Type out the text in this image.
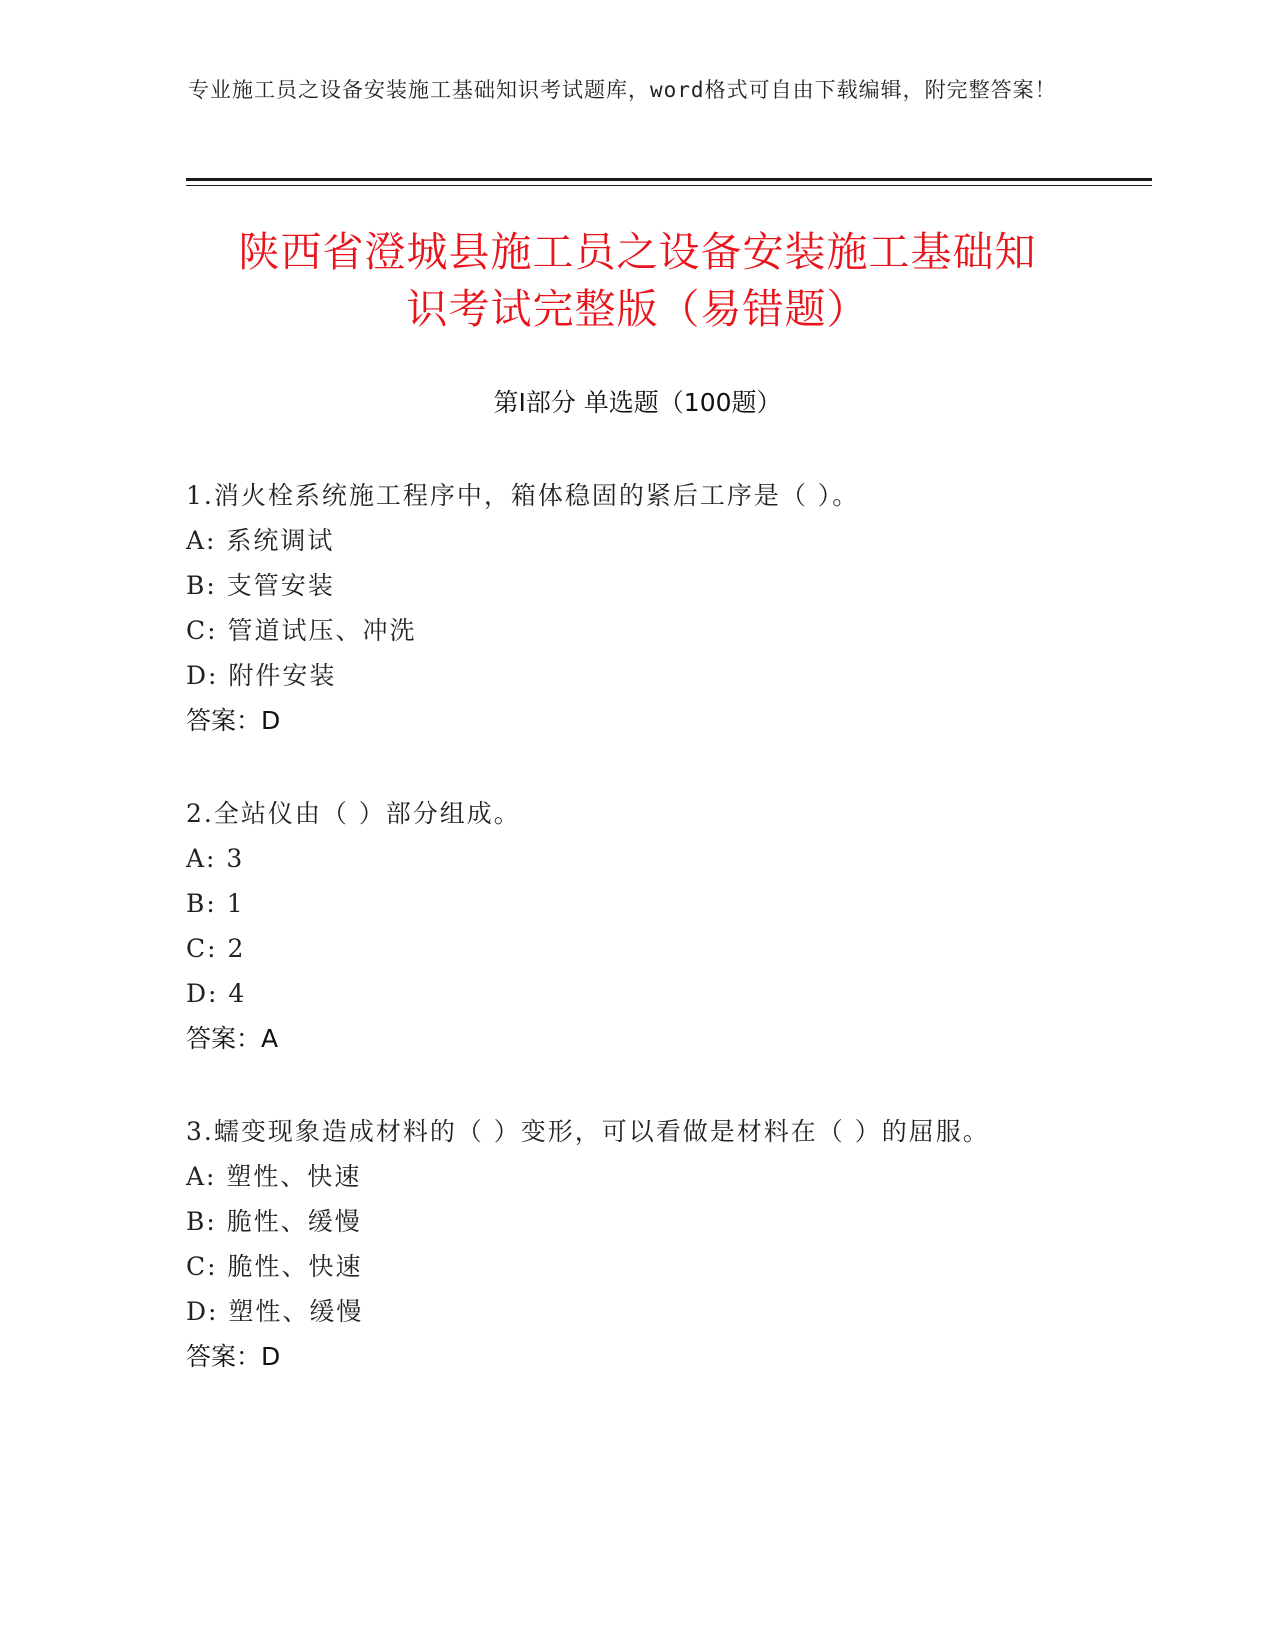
专业施工员之设备安装施工基础知识考试题库，word格式可自由下载编辑，附完整答案！
陕西省澄城县施工员之设备安装施工基础知
识考试完整版（易错题）
第I部分 单选题（100题）
1.消火栓系统施工程序中，箱体稳固的紧后工序是（ ）。
A: 系统调试
B: 支管安装
C: 管道试压、冲洗
D: 附件安装
答案：D
2.全站仪由（ ）部分组成。
A: 3
B: 1
C: 2
D: 4
答案：A
3.蠕变现象造成材料的（ ）变形，可以看做是材料在（ ）的屈服。
A: 塑性、快速
B: 脆性、缓慢
C: 脆性、快速
D: 塑性、缓慢
答案：D
